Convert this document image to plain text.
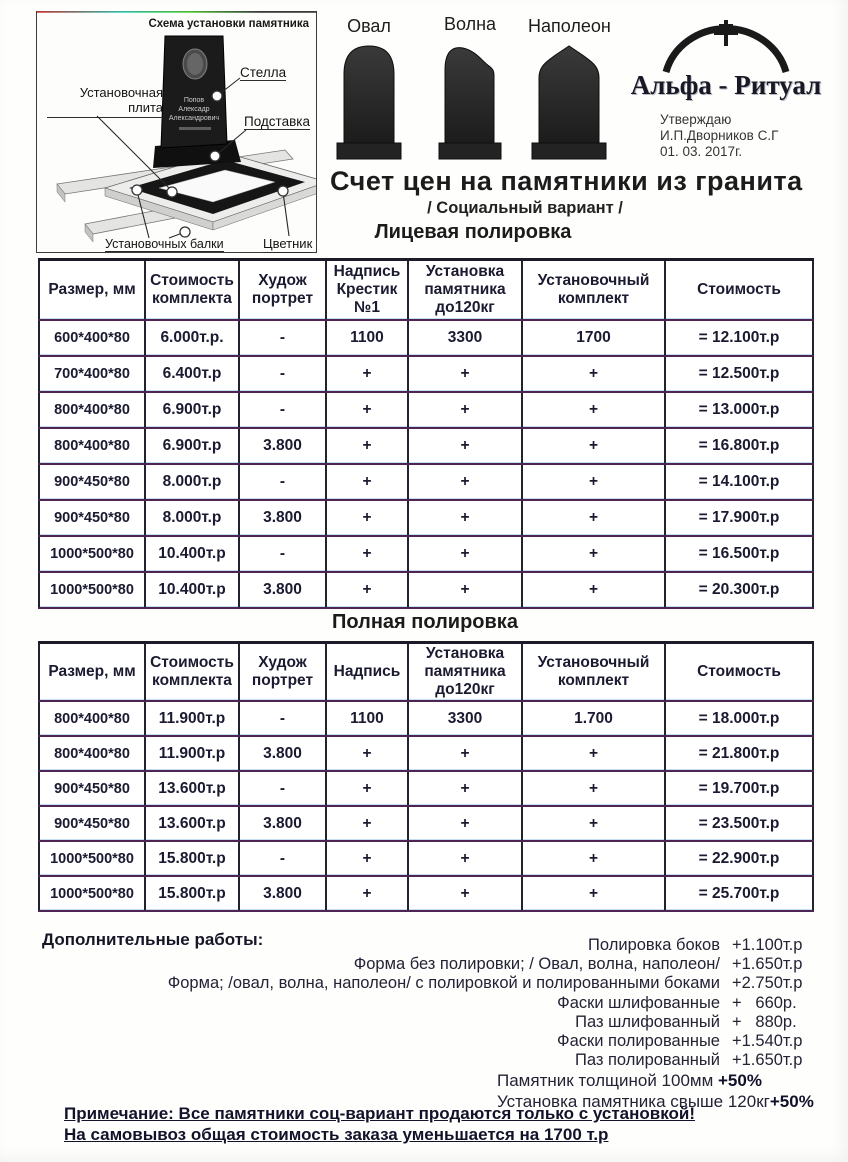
Попов
Алексадр
Александрович
Схема установки памятника
Стелла
Установочная
плита
Подставка
Установочных балки	Цветник
Овал	Волна	Наполеон
Альфа - Ритуал
Утверждаю
И.П.Дворников С.Г
01. 03. 2017г.
Счет цен на памятники из гранита
/ Социальный вариант /
Лицевая полировка
Полная полировка
Размер, мм	Стоимость комплекта	Худож портрет	Надпись Крестик №1	Установка памятника до120кг	Установочный комплект	Стоимость
600*400*80	6.000т.р.	-	1100	3300	1700	= 12.100т.р
700*400*80	6.400т.р	-	+	+	+	= 12.500т.р
800*400*80	6.900т.р	-	+	+	+	= 13.000т.р
800*400*80	6.900т.р	3.800	+	+	+	= 16.800т.р
900*450*80	8.000т.р	-	+	+	+	= 14.100т.р
900*450*80	8.000т.р	3.800	+	+	+	= 17.900т.р
1000*500*80	10.400т.р	-	+	+	+	= 16.500т.р
1000*500*80	10.400т.р	3.800	+	+	+	= 20.300т.р
Размер, мм	Стоимость комплекта	Худож портрет	Надпись	Установка памятника до120кг	Установочный комплект	Стоимость
800*400*80	11.900т.р	-	1100	3300	1.700	= 18.000т.р
800*400*80	11.900т.р	3.800	+	+	+	= 21.800т.р
900*450*80	13.600т.р	-	+	+	+	= 19.700т.р
900*450*80	13.600т.р	3.800	+	+	+	= 23.500т.р
1000*500*80	15.800т.р	-	+	+	+	= 22.900т.р
1000*500*80	15.800т.р	3.800	+	+	+	= 25.700т.р
Дополнительные работы:	Полировка боков +1.100т.р
Форма без полировки; / Овал, волна, наполеон/ +1.650т.р
Форма; /овал, волна, наполеон/ с полировкой и полированными боками +2.750т.р
Фаски шлифованные +   660р.
Паз шлифованный +   880р.
Фаски полированные +1.540т.р
Паз полированный +1.650т.р
Памятник толщиной 100мм +50%
Установка памятника свыше 120кг+50%
Примечание: Все памятники соц-вариант продаются только с установкой!
На самовывоз общая стоимость заказа уменьшается на 1700 т.р
